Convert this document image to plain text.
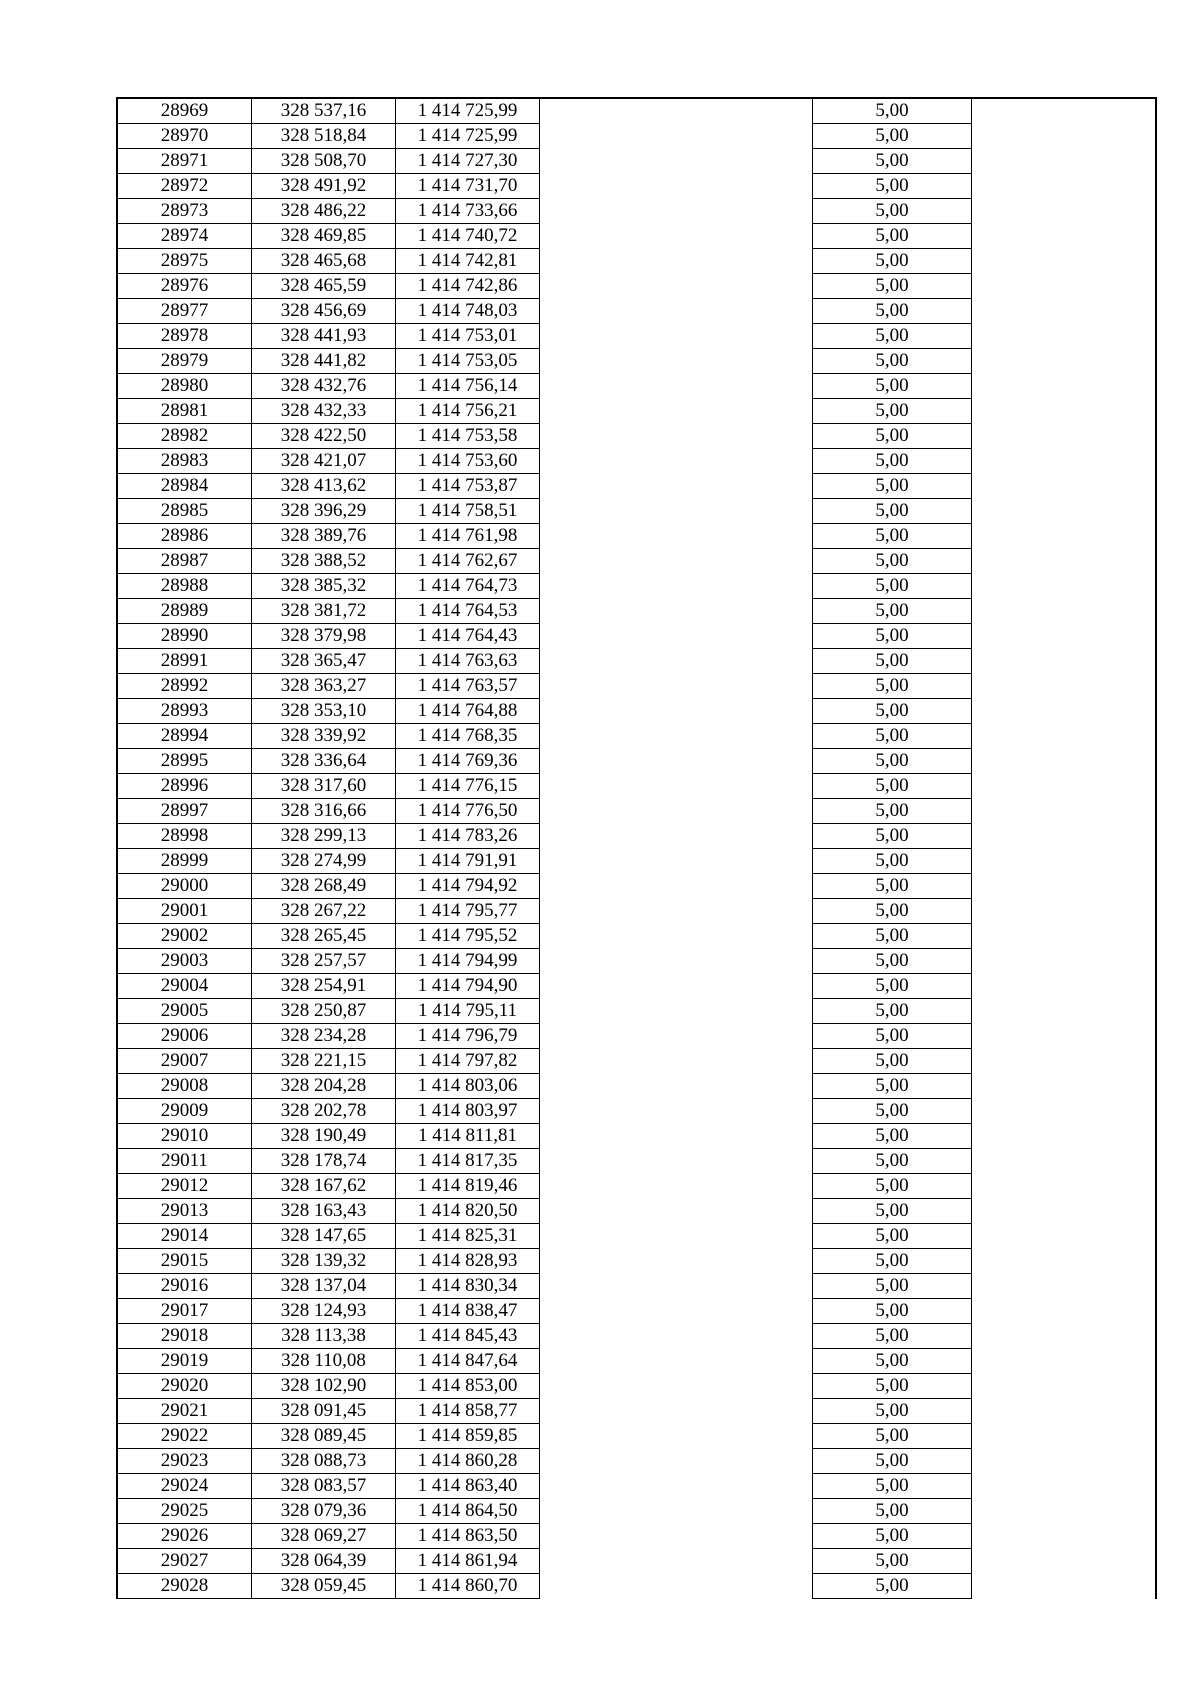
28969	328 537,16	1 414 725,99		5,00	
28970	328 518,84	1 414 725,99		5,00	
28971	328 508,70	1 414 727,30		5,00	
28972	328 491,92	1 414 731,70		5,00	
28973	328 486,22	1 414 733,66		5,00	
28974	328 469,85	1 414 740,72		5,00	
28975	328 465,68	1 414 742,81		5,00	
28976	328 465,59	1 414 742,86		5,00	
28977	328 456,69	1 414 748,03		5,00	
28978	328 441,93	1 414 753,01		5,00	
28979	328 441,82	1 414 753,05		5,00	
28980	328 432,76	1 414 756,14		5,00	
28981	328 432,33	1 414 756,21		5,00	
28982	328 422,50	1 414 753,58		5,00	
28983	328 421,07	1 414 753,60		5,00	
28984	328 413,62	1 414 753,87		5,00	
28985	328 396,29	1 414 758,51		5,00	
28986	328 389,76	1 414 761,98		5,00	
28987	328 388,52	1 414 762,67		5,00	
28988	328 385,32	1 414 764,73		5,00	
28989	328 381,72	1 414 764,53		5,00	
28990	328 379,98	1 414 764,43		5,00	
28991	328 365,47	1 414 763,63		5,00	
28992	328 363,27	1 414 763,57		5,00	
28993	328 353,10	1 414 764,88		5,00	
28994	328 339,92	1 414 768,35		5,00	
28995	328 336,64	1 414 769,36		5,00	
28996	328 317,60	1 414 776,15		5,00	
28997	328 316,66	1 414 776,50		5,00	
28998	328 299,13	1 414 783,26		5,00	
28999	328 274,99	1 414 791,91		5,00	
29000	328 268,49	1 414 794,92		5,00	
29001	328 267,22	1 414 795,77		5,00	
29002	328 265,45	1 414 795,52		5,00	
29003	328 257,57	1 414 794,99		5,00	
29004	328 254,91	1 414 794,90		5,00	
29005	328 250,87	1 414 795,11		5,00	
29006	328 234,28	1 414 796,79		5,00	
29007	328 221,15	1 414 797,82		5,00	
29008	328 204,28	1 414 803,06		5,00	
29009	328 202,78	1 414 803,97		5,00	
29010	328 190,49	1 414 811,81		5,00	
29011	328 178,74	1 414 817,35		5,00	
29012	328 167,62	1 414 819,46		5,00	
29013	328 163,43	1 414 820,50		5,00	
29014	328 147,65	1 414 825,31		5,00	
29015	328 139,32	1 414 828,93		5,00	
29016	328 137,04	1 414 830,34		5,00	
29017	328 124,93	1 414 838,47		5,00	
29018	328 113,38	1 414 845,43		5,00	
29019	328 110,08	1 414 847,64		5,00	
29020	328 102,90	1 414 853,00		5,00	
29021	328 091,45	1 414 858,77		5,00	
29022	328 089,45	1 414 859,85		5,00	
29023	328 088,73	1 414 860,28		5,00	
29024	328 083,57	1 414 863,40		5,00	
29025	328 079,36	1 414 864,50		5,00	
29026	328 069,27	1 414 863,50		5,00	
29027	328 064,39	1 414 861,94		5,00	
29028	328 059,45	1 414 860,70		5,00	
